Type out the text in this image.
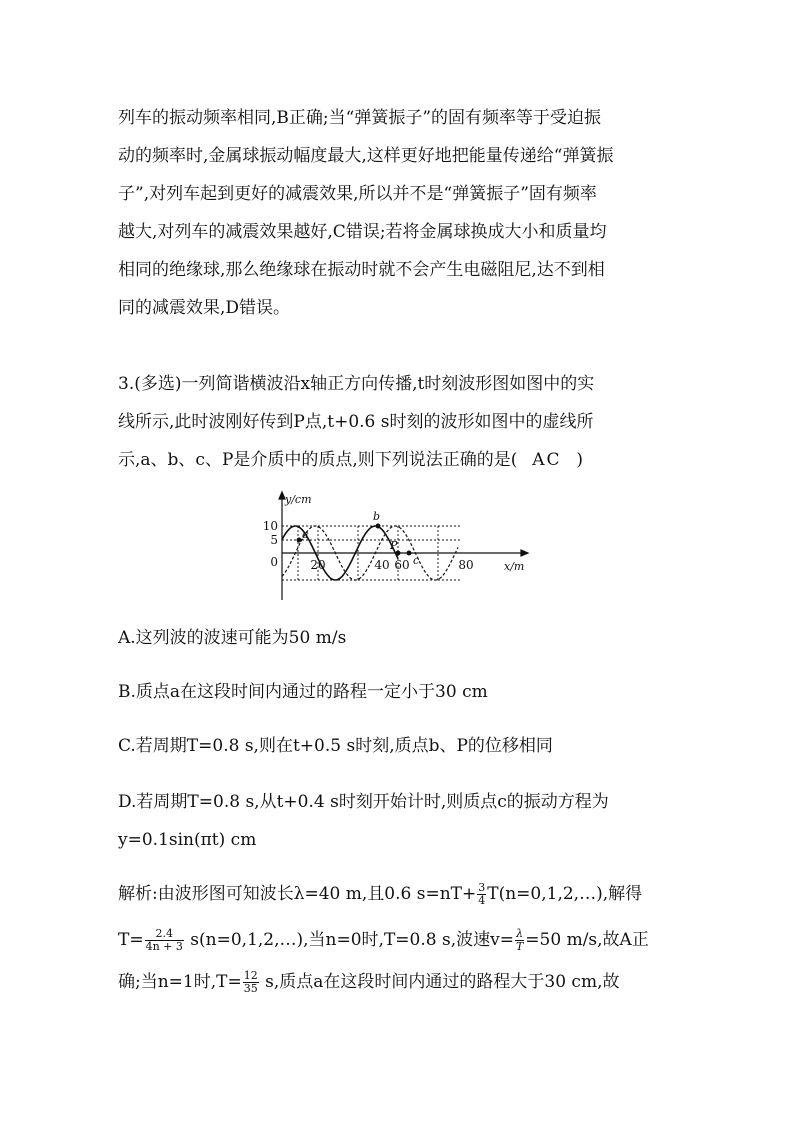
列车的振动频率相同,B正确;当“弹簧振子”的固有频率等于受迫振
动的频率时,金属球振动幅度最大,这样更好地把能量传递给“弹簧振
子”,对列车起到更好的减震效果,所以并不是“弹簧振子”固有频率
越大,对列车的减震效果越好,C错误;若将金属球换成大小和质量均
相同的绝缘球,那么绝缘球在振动时就不会产生电磁阻尼,达不到相
同的减震效果,D错误。
3.(多选)一列简谐横波沿x轴正方向传播,t时刻波形图如图中的实
线所示,此时波刚好传到P点,t+0.6 s时刻的波形如图中的虚线所
示,a、b、c、P是介质中的质点,则下列说法正确的是( AC )
y/cm
x/m
a
b
P
c
10
5
0	20	40 60	80
A.这列波的波速可能为50 m/s
B.质点a在这段时间内通过的路程一定小于30 cm
C.若周期T=0.8 s,则在t+0.5 s时刻,质点b、P的位移相同
D.若周期T=0.8 s,从t+0.4 s时刻开始计时,则质点c的振动方程为
y=0.1sin(πt) cm
解析:由波形图可知波长λ=40 m,且0.6 $s=nT+ \frac{3}{4}$ T(n=0,1,2,…),解得
$T= \frac{2.4}{4n + 3}$ s(n=0,1,2,…),当n=0时,T=0.8 s,波速$v= \frac{\lambda}{T} =50$ m/s,故A正
确;当n=1时$,T= \frac{12}{35} s$,质点a在这段时间内通过的路程大于30 cm,故
